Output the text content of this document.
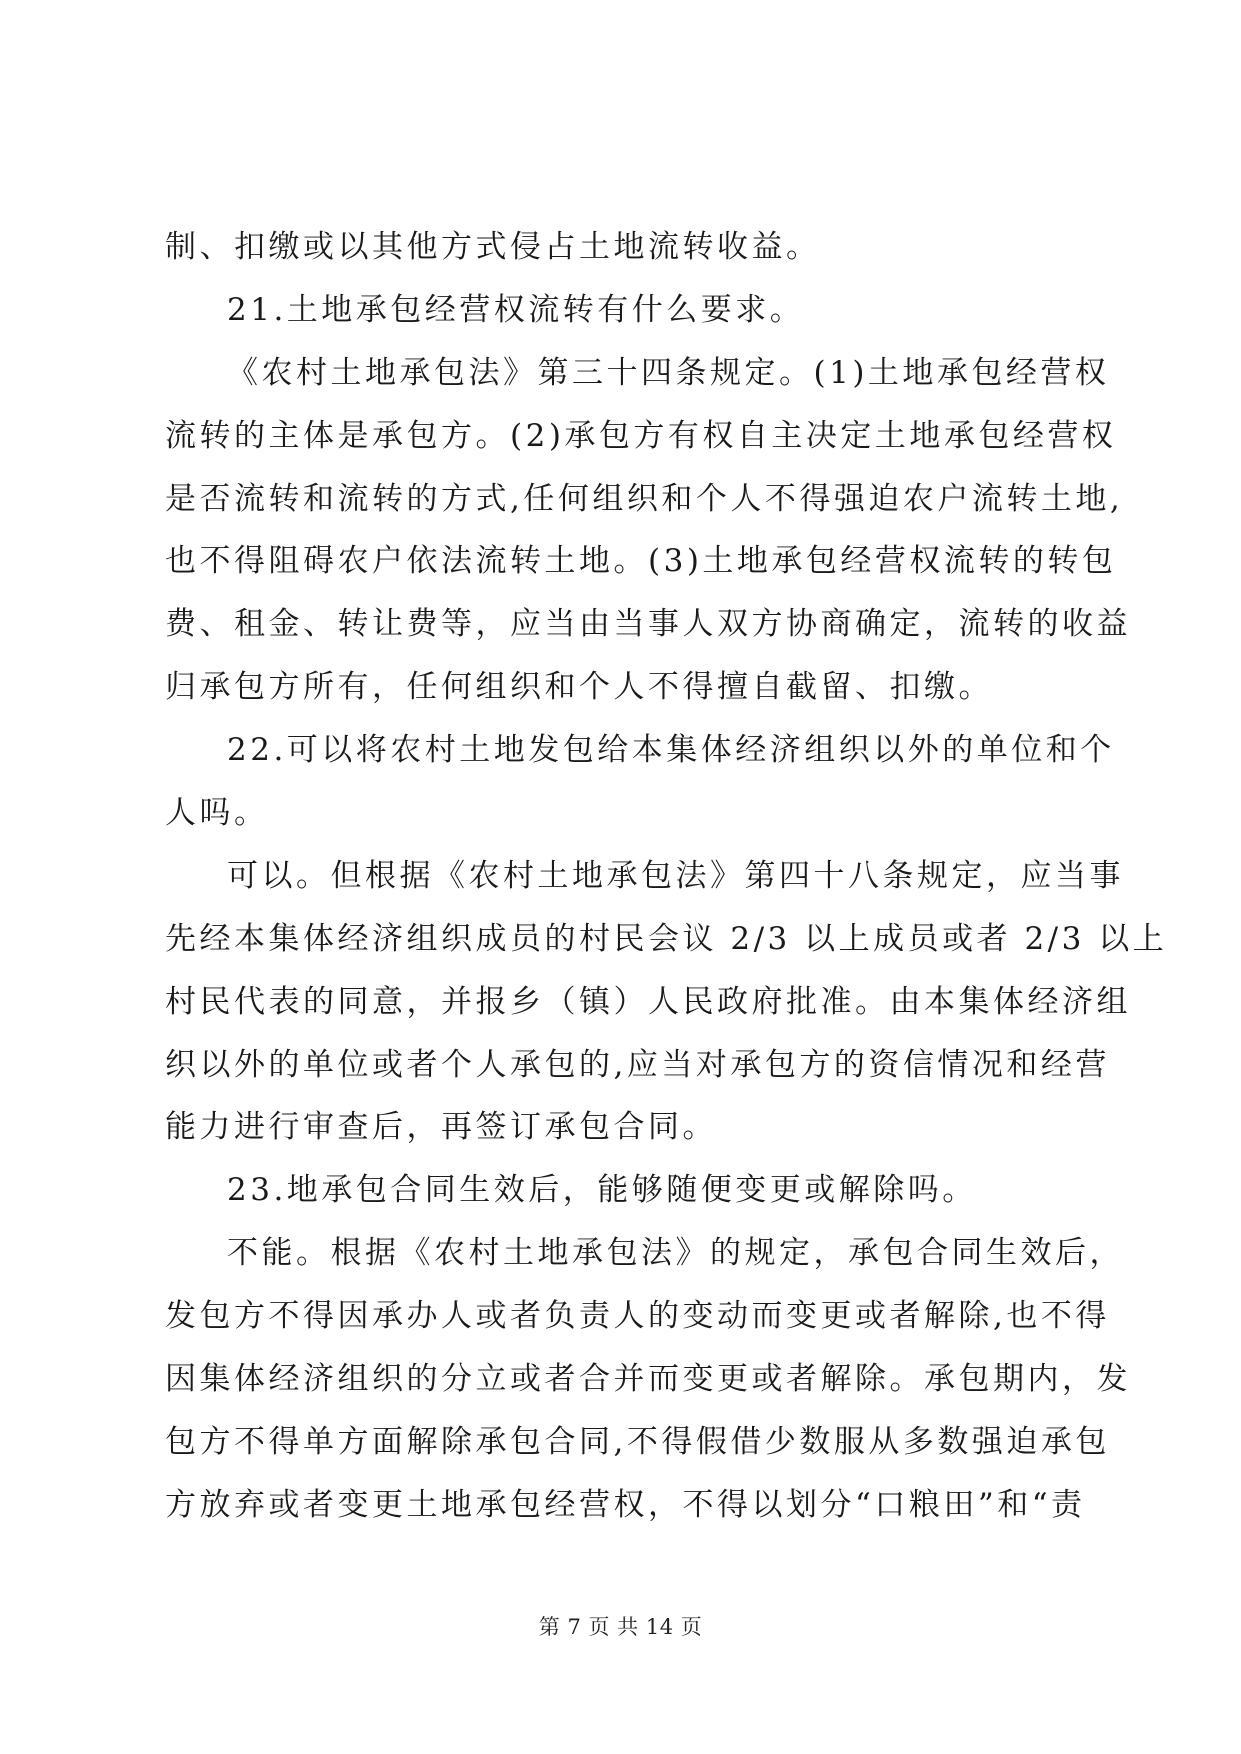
制、扣缴或以其他方式侵占土地流转收益。
21.土地承包经营权流转有什么要求。
《农村土地承包法》第三十四条规定。(1)土地承包经营权
流转的主体是承包方。(2)承包方有权自主决定土地承包经营权
是否流转和流转的方式,任何组织和个人不得强迫农户流转土地,
也不得阻碍农户依法流转土地。(3)土地承包经营权流转的转包
费、租金、转让费等，应当由当事人双方协商确定，流转的收益
归承包方所有，任何组织和个人不得擅自截留、扣缴。
22.可以将农村土地发包给本集体经济组织以外的单位和个
人吗。
可以。但根据《农村土地承包法》第四十八条规定，应当事
先经本集体经济组织成员的村民会议 2/3 以上成员或者 2/3 以上
村民代表的同意，并报乡（镇）人民政府批准。由本集体经济组
织以外的单位或者个人承包的,应当对承包方的资信情况和经营
能力进行审查后，再签订承包合同。
23.地承包合同生效后，能够随便变更或解除吗。
不能。根据《农村土地承包法》的规定，承包合同生效后，
发包方不得因承办人或者负责人的变动而变更或者解除,也不得
因集体经济组织的分立或者合并而变更或者解除。承包期内，发
包方不得单方面解除承包合同,不得假借少数服从多数强迫承包
方放弃或者变更土地承包经营权，不得以划分“口粮田”和“责
第 7 页 共 14 页
